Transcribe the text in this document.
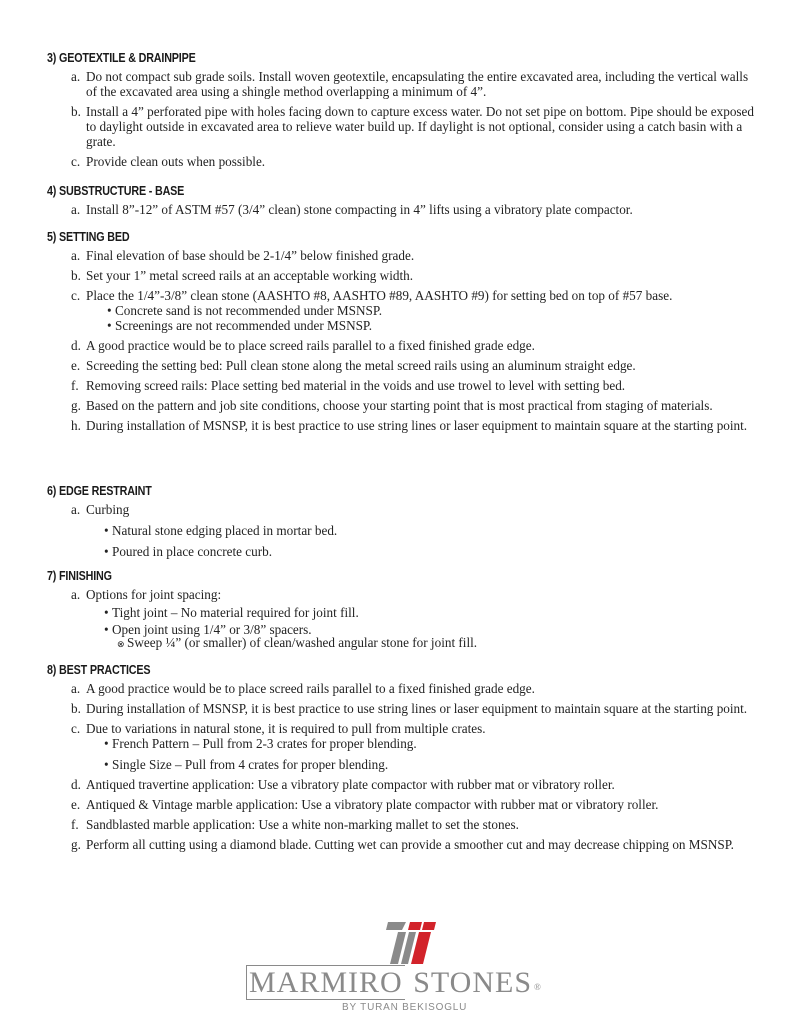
3) GEOTEXTILE & DRAINPIPE
a. Do not compact sub grade soils. Install woven geotextile, encapsulating the entire excavated area, including the vertical walls of the excavated area using a shingle method overlapping a minimum of 4”.
b. Install a 4” perforated pipe with holes facing down to capture excess water. Do not set pipe on bottom. Pipe should be exposed to daylight outside in excavated area to relieve water build up. If daylight is not optional, consider using a catch basin with a grate.
c. Provide clean outs when possible.
4) SUBSTRUCTURE - BASE
a. Install 8”-12” of ASTM #57 (3/4” clean) stone compacting in 4” lifts using a vibratory plate compactor.
5) SETTING BED
a. Final elevation of base should be 2-1/4” below finished grade.
b. Set your 1” metal screed rails at an acceptable working width.
c. Place the 1/4”-3/8” clean stone (AASHTO #8, AASHTO #89, AASHTO #9) for setting bed on top of #57 base.
• Concrete sand is not recommended under MSNSP.
• Screenings are not recommended under MSNSP.
d. A good practice would be to place screed rails parallel to a fixed finished grade edge.
e. Screeding the setting bed: Pull clean stone along the metal screed rails using an aluminum straight edge.
f. Removing screed rails: Place setting bed material in the voids and use trowel to level with setting bed.
g. Based on the pattern and job site conditions, choose your starting point that is most practical from staging of materials.
h. During installation of MSNSP, it is best practice to use string lines or laser equipment to maintain square at the starting point.
6) EDGE RESTRAINT
a. Curbing
• Natural stone edging placed in mortar bed.
• Poured in place concrete curb.
7) FINISHING
a. Options for joint spacing:
• Tight joint – No material required for joint fill.
• Open joint using 1/4” or 3/8” spacers.
⊗ Sweep ¼” (or smaller) of clean/washed angular stone for joint fill.
8) BEST PRACTICES
a. A good practice would be to place screed rails parallel to a fixed finished grade edge.
b. During installation of MSNSP, it is best practice to use string lines or laser equipment to maintain square at the starting point.
c. Due to variations in natural stone, it is required to pull from multiple crates.
• French Pattern – Pull from 2-3 crates for proper blending.
• Single Size – Pull from 4 crates for proper blending.
d. Antiqued travertine application: Use a vibratory plate compactor with rubber mat or vibratory roller.
e. Antiqued & Vintage marble application: Use a vibratory plate compactor with rubber mat or vibratory roller.
f. Sandblasted marble application: Use a white non-marking mallet to set the stones.
g. Perform all cutting using a diamond blade. Cutting wet can provide a smoother cut and may decrease chipping on MSNSP.
MARMIRO STONES ®
BY TURAN BEKISOGLU
